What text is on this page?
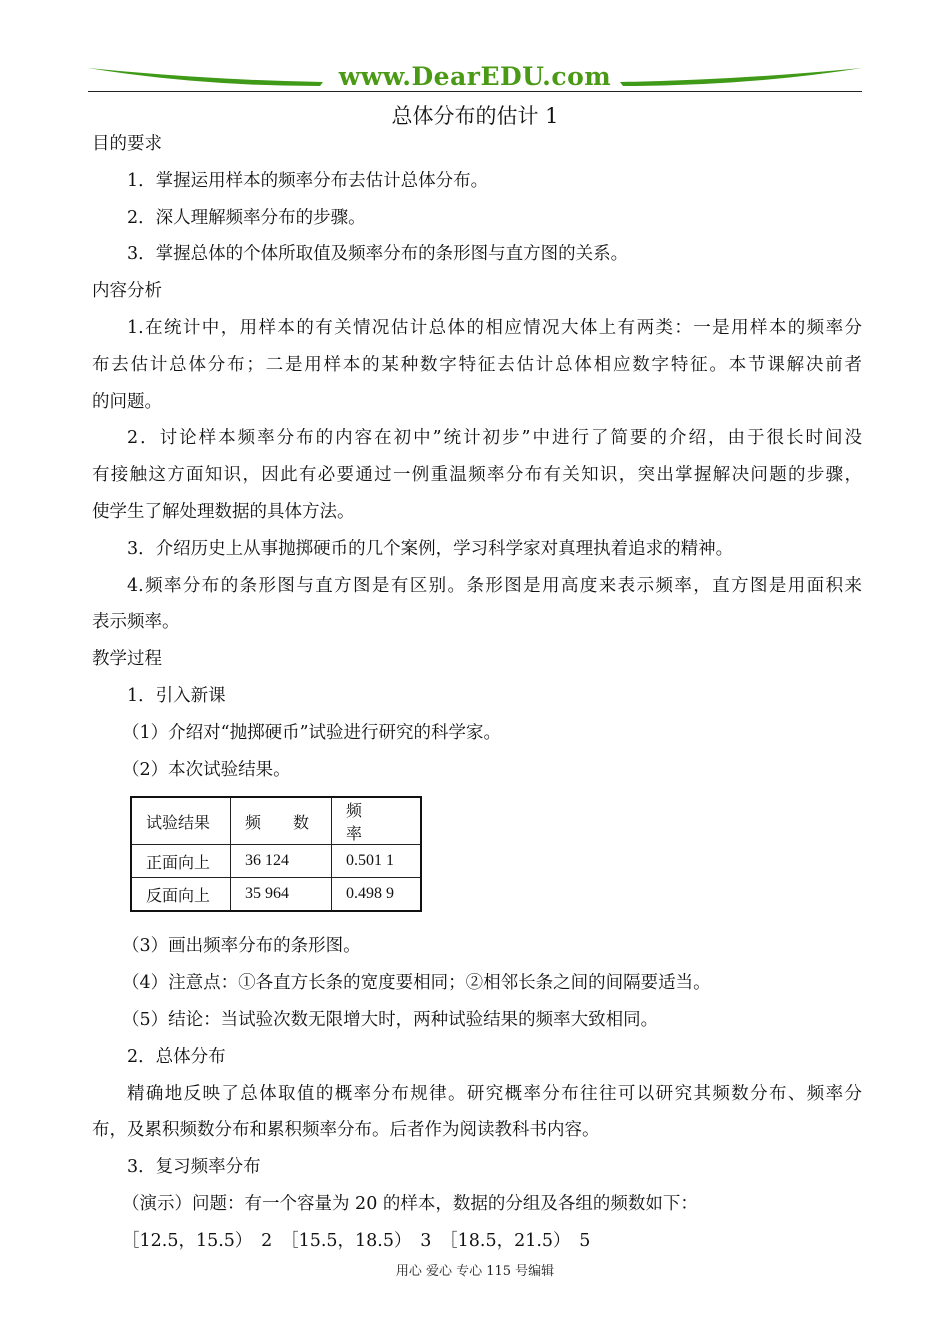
www.DearEDU.com
总体分布的估计 1
目的要求
1．掌握运用样本的频率分布去估计总体分布。
2．深人理解频率分布的步骤。
3．掌握总体的个体所取值及频率分布的条形图与直方图的关系。
内容分析
1.在统计中，用样本的有关情况估计总体的相应情况大体上有两类：一是用样本的频率分
布去估计总体分布；二是用样本的某种数字特征去估计总体相应数字特征。本节课解决前者
的问题。
2．讨论样本频率分布的内容在初中”统计初步”中进行了简要的介绍，由于很长时间没
有接触这方面知识，因此有必要通过一例重温频率分布有关知识，突出掌握解决问题的步骤，
使学生了解处理数据的具体方法。
3．介绍历史上从事抛掷硬币的几个案例，学习科学家对真理执着追求的精神。
4.频率分布的条形图与直方图是有区别。条形图是用高度来表示频率，直方图是用面积来
表示频率。
教学过程
1．引入新课
（1）介绍对“抛掷硬币”试验进行研究的科学家。
（2）本次试验结果。
试验结果	频　　数	频　　率
正面向上	36 124	0.501 1
反面向上	35 964	0.498 9
（3）画出频率分布的条形图。
（4）注意点：①各直方长条的宽度要相同；②相邻长条之间的间隔要适当。
（5）结论：当试验次数无限增大时，两种试验结果的频率大致相同。
2．总体分布
精确地反映了总体取值的概率分布规律。研究概率分布往往可以研究其频数分布、频率分
布，及累积频数分布和累积频率分布。后者作为阅读教科书内容。
3．复习频率分布
（演示）问题：有一个容量为 20 的样本，数据的分组及各组的频数如下：
［12.5，15.5）　2　［15.5，18.5）　3　［18.5，21.5）　5
用心 爱心 专心 115 号编辑
